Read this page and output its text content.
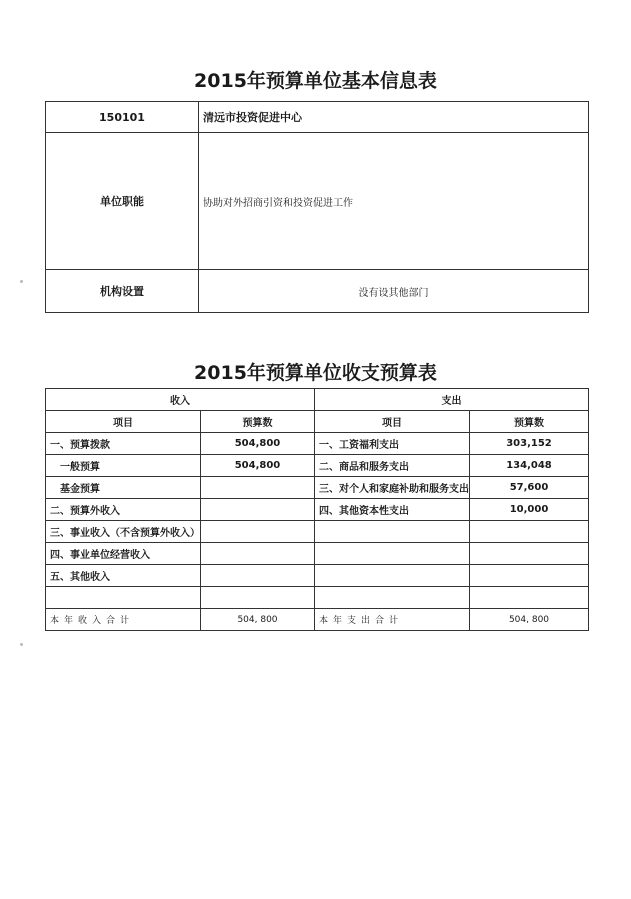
2015年预算单位基本信息表
150101	清远市投资促进中心
单位职能	协助对外招商引资和投资促进工作
机构设置	没有设其他部门
2015年预算单位收支预算表
收入		支出	
项目	预算数	项目	预算数
一、预算拨款	504,800	一、工资福利支出	303,152
一般预算	504,800	二、商品和服务支出	134,048
基金预算		三、对个人和家庭补助和服务支出	57,600
二、预算外收入		四、其他资本性支出	10,000
三、事业收入（不含预算外收入）			
四、事业单位经营收入			
五、其他收入			

本年收入合计	504, 800	本年支出合计	504, 800
